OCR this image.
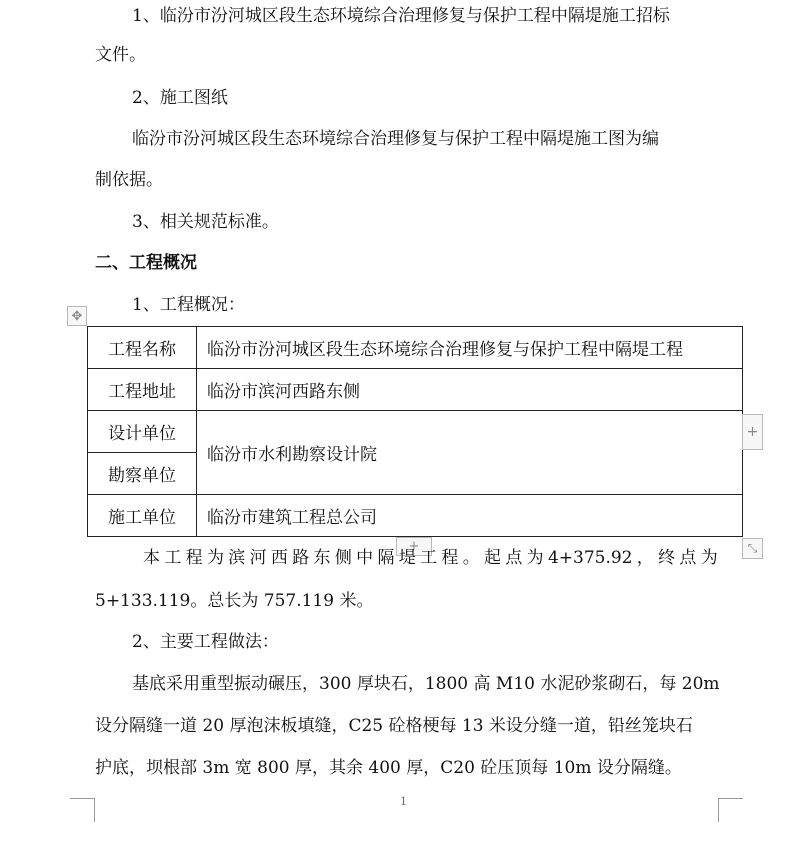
1、临汾市汾河城区段生态环境综合治理修复与保护工程中隔堤施工招标
文件。
2、施工图纸
临汾市汾河城区段生态环境综合治理修复与保护工程中隔堤施工图为编
制依据。
3、相关规范标准。
二、工程概况
1、工程概况：
✥
工程名称	临汾市汾河城区段生态环境综合治理修复与保护工程中隔堤工程
工程地址	临汾市滨河西路东侧
设计单位	临汾市水利勘察设计院
勘察单位	
施工单位	临汾市建筑工程总公司
+
+	⤡
本 工 程 为 滨 河 西 路 东 侧 中 隔 堤 工 程 。 起 点 为 4+375.92 ， 终 点 为
5+133.119。总长为 757.119 米。
2、主要工程做法：
基底采用重型振动碾压，300 厚块石，1800 高 M10 水泥砂浆砌石，每 20m
设分隔缝一道 20 厚泡沫板填缝，C25 砼格梗每 13 米设分缝一道，铅丝笼块石
护底，坝根部 3m 宽 800 厚，其余 400 厚，C20 砼压顶每 10m 设分隔缝。
1
